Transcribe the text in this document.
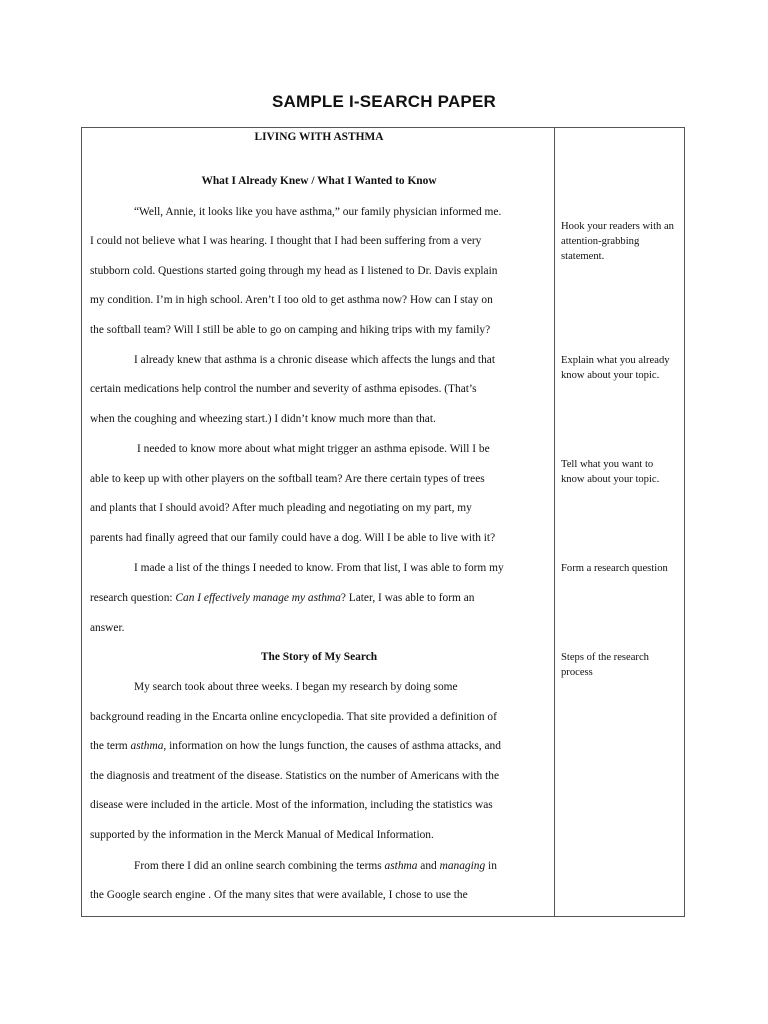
SAMPLE I-SEARCH PAPER
LIVING WITH ASTHMA
What I Already Knew / What I Wanted to Know
“Well, Annie, it looks like you have asthma,” our family physician informed me.
I could not believe what I was hearing. I thought that I had been suffering from a very
stubborn cold. Questions started going through my head as I listened to Dr. Davis explain
my condition. I’m in high school. Aren’t I too old to get asthma now? How can I stay on
the softball team? Will I still be able to go on camping and hiking trips with my family?
I already knew that asthma is a chronic disease which affects the lungs and that
certain medications help control the number and severity of asthma episodes. (That’s
when the coughing and wheezing start.) I didn’t know much more than that.
I needed to know more about what might trigger an asthma episode. Will I be
able to keep up with other players on the softball team? Are there certain types of trees
and plants that I should avoid? After much pleading and negotiating on my part, my
parents had finally agreed that our family could have a dog. Will I be able to live with it?
I made a list of the things I needed to know. From that list, I was able to form my
research question: Can I effectively manage my asthma? Later, I was able to form an
answer.
The Story of My Search
My search took about three weeks. I began my research by doing some
background reading in the Encarta online encyclopedia. That site provided a definition of
the term asthma, information on how the lungs function, the causes of asthma attacks, and
the diagnosis and treatment of the disease. Statistics on the number of Americans with the
disease were included in the article. Most of the information, including the statistics was
supported by the information in the Merck Manual of Medical Information.
From there I did an online search combining the terms asthma and managing in
the Google search engine . Of the many sites that were available, I chose to use the
Hook your readers with an attention-grabbing statement.
Explain what you already know about your topic.
Tell what you want to know about your topic.
Form a research question
Steps of the research process
